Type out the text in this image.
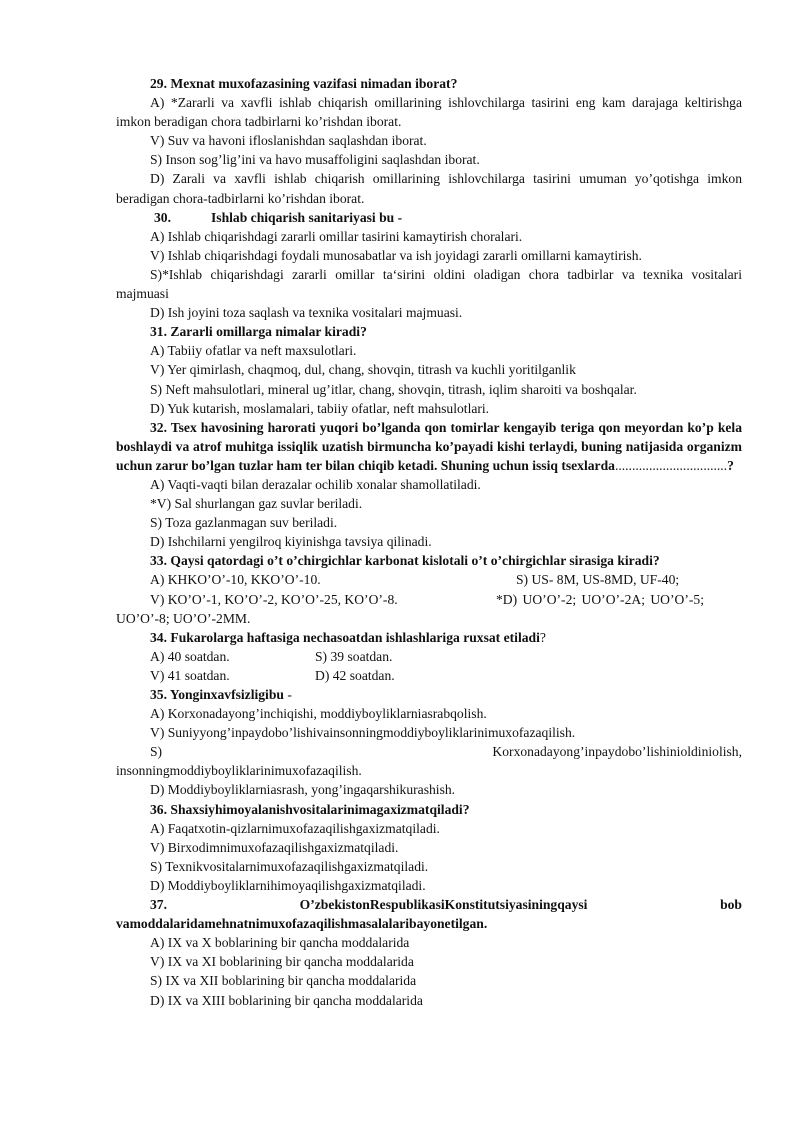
29. Mexnat muxofazasining vazifasi nimadan iborat?

A) *Zararli va xavfli ishlab chiqarish omillarining ishlovchilarga tasirini eng kam darajaga keltirishga imkon beradigan chora tadbirlarni ko’rishdan iborat.

V) Suv va havoni ifloslanishdan saqlashdan iborat.

S) Inson sog’lig’ini va havo musaffoligini saqlashdan iborat.

D) Zarali va xavfli ishlab chiqarish omillarining ishlovchilarga tasirini umuman yo’qotishga imkon beradigan chora-tadbirlarni ko’rishdan iborat.

30.	Ishlab chiqarish sanitariyasi bu -

A) Ishlab chiqarishdagi zararli omillar tasirini kamaytirish choralari.

V) Ishlab chiqarishdagi foydali munosabatlar va ish joyidagi zararli omillarni kamaytirish.

S)*Ishlab chiqarishdagi zararli omillar ta‘sirini oldini oladigan chora tadbirlar va texnika vositalari majmuasi

D) Ish joyini toza saqlash va texnika vositalari majmuasi.

31. Zararli omillarga nimalar kiradi?

A) Tabiiy ofatlar va neft maxsulotlari.

V) Yer qimirlash, chaqmoq, dul, chang, shovqin, titrash va kuchli yoritilganlik

S) Neft mahsulotlari, mineral ug’itlar, chang, shovqin, titrash, iqlim sharoiti va boshqalar.

D) Yuk kutarish, moslamalari, tabiiy ofatlar, neft mahsulotlari.

32. Tsex havosining harorati yuqori bo’lganda qon tomirlar kengayib teriga qon meyordan ko’p kela boshlaydi va atrof muhitga issiqlik uzatish birmuncha ko’payadi kishi terlaydi, buning natijasida organizm uchun zarur bo’lgan tuzlar ham ter bilan chiqib ketadi. Shuning uchun issiq tsexlarda.................................?

A) Vaqti-vaqti bilan derazalar ochilib xonalar shamollatiladi.

*V) Sal shurlangan gaz suvlar beriladi.

S) Toza gazlanmagan suv beriladi.

D) Ishchilarni yengilroq kiyinishga tavsiya qilinadi.

33. Qaysi qatordagi o’t o’chirgichlar karbonat kislotali o’t o’chirgichlar sirasiga kiradi?

A) KHKO’O’-10, KKO’O’-10.	S) US- 8M, US-8MD, UF-40;
V) KO’O’-1, KO’O’-2, KO’O’-25, KO’O’-8.	*D) UO’O’-2; UO’O’-2A; UO’O’-5;

UO’O’-8; UO’O’-2MM.

34. Fukarolarga haftasiga nechasoatdan ishlashlariga ruxsat etiladi?

A) 40 soatdan.	S) 39 soatdan.
V) 41 soatdan.	D) 42 soatdan.

35. Yonginxavfsizligibu -

A) Korxonadayong’inchiqishi, moddiyboyliklarniasrabqolish.

V) Suniyyong’inpaydobo’lishivainsonningmoddiyboyliklarinimuxofazaqilish.

S)	Korxonadayong’inpaydobo’lishinioldiniolish,

insonningmoddiyboyliklarinimuxofazaqilish.

D) Moddiyboyliklarniasrash, yong’ingaqarshikurashish.

36. Shaxsiyhimoyalanishvositalarinimagaxizmatqiladi?

A) Faqatxotin-qizlarnimuxofazaqilishgaxizmatqiladi.

V) Birxodimnimuxofazaqilishgaxizmatqiladi.

S) Texnikvositalarnimuxofazaqilishgaxizmatqiladi.

D) Moddiyboyliklarnihimoyaqilishgaxizmatqiladi.

37.	O’zbekistonRespublikasiKonstitutsiyasiningqaysi	bob

vamoddalaridamehnatnimuxofazaqilishmasalalaribayonetilgan.

A) IX va X boblarining bir qancha moddalarida

V) IX va XI boblarining bir qancha moddalarida

S) IX va XII boblarining bir qancha moddalarida

D) IX va XIII boblarining bir qancha moddalarida
